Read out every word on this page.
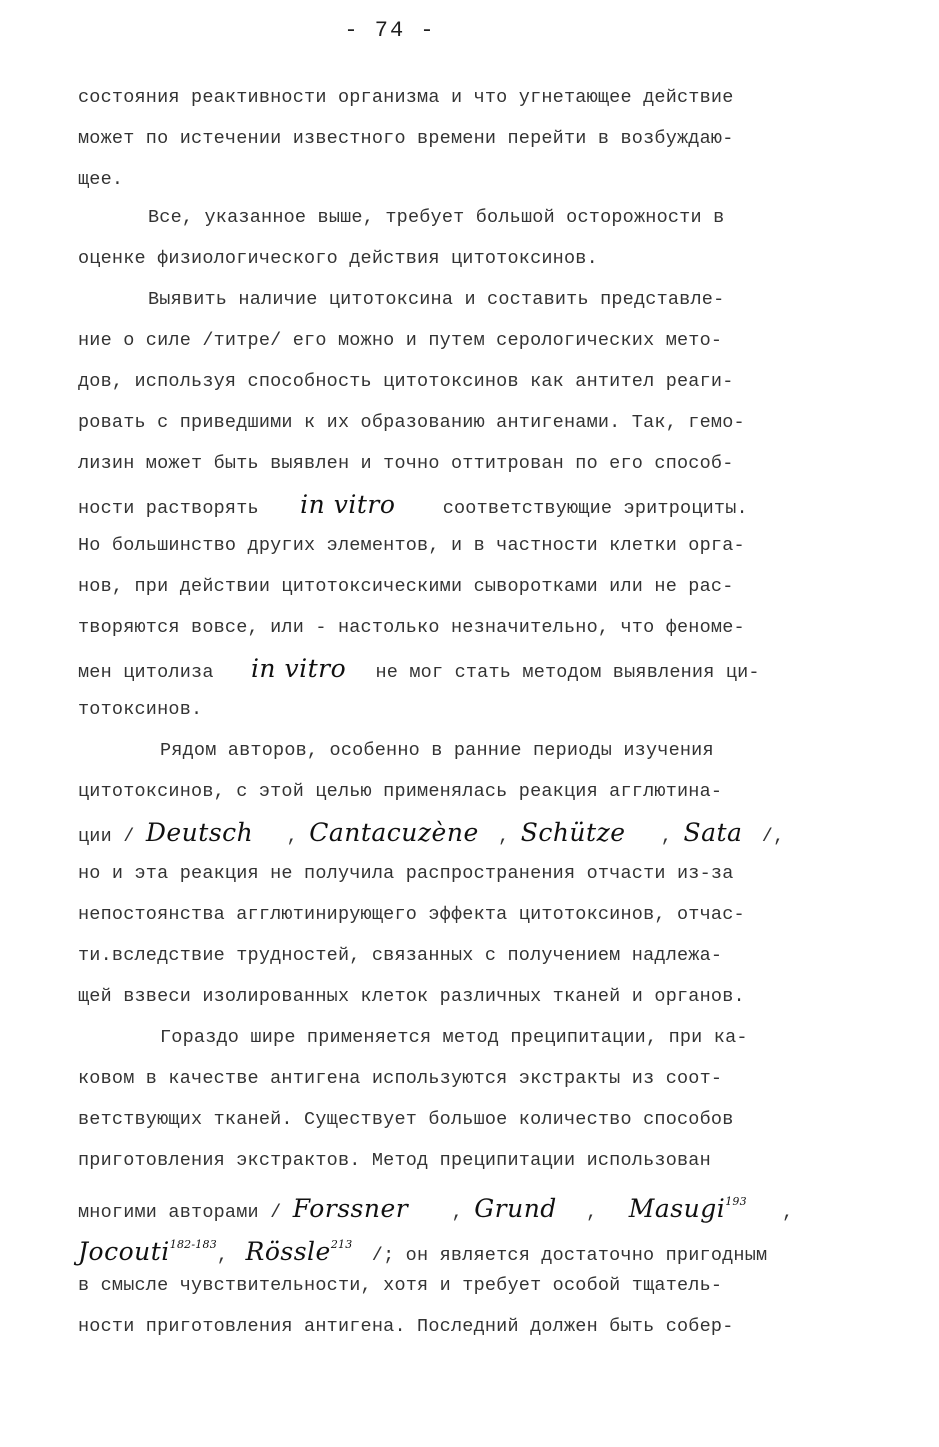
- 74 -
состояния реактивности организма и что угнетающее действие
может по истечении известного времени перейти в возбуждаю-
щее.
Все, указанное выше, требует большой осторожности в
оценке физиологического действия цитотоксинов.
Выявить наличие цитотоксина и составить представле-
ние о силе /титре/ его можно и путем серологических мето-
дов, используя способность цитотоксинов как антител реаги-
ровать с приведшими к их образованию антигенами. Так, гемо-
лизин может быть выявлен и точно оттитрован по его способ-
ности растворять in vitro	соответствующие эритроциты.
Но большинство других элементов, и в частности клетки орга-
нов, при действии цитотоксическими сыворотками или не рас-
творяются вовсе, или - настолько незначительно, что феноме-
мен цитолиза in vitro не мог стать методом выявления ци-
тотоксинов.
Рядом авторов, особенно в ранние периоды изучения
цитотоксинов, с этой целью применялась реакция агглютина-
ции / Deutsch , Cantacuzène , Schütze , Sata /,
но и эта реакция не получила распространения отчасти из-за
непостоянства агглютинирующего эффекта цитотоксинов, отчас-
ти.вследствие трудностей, связанных с получением надлежа-
щей взвеси изолированных клеток различных тканей и органов.
Гораздо шире применяется метод преципитации, при ка-
ковом в качестве антигена используются экстракты из соот-
ветствующих тканей. Существует большое количество способов
приготовления экстрактов. Метод преципитации использован
многими авторами / Forssner , Grund , Masugi$^{193}$ ,
Jocouti$^{182-183}$, Rössle$^{213}$ /; он является достаточно пригодным
в смысле чувствительности, хотя и требует особой тщатель-
ности приготовления антигена. Последний должен быть собер-
